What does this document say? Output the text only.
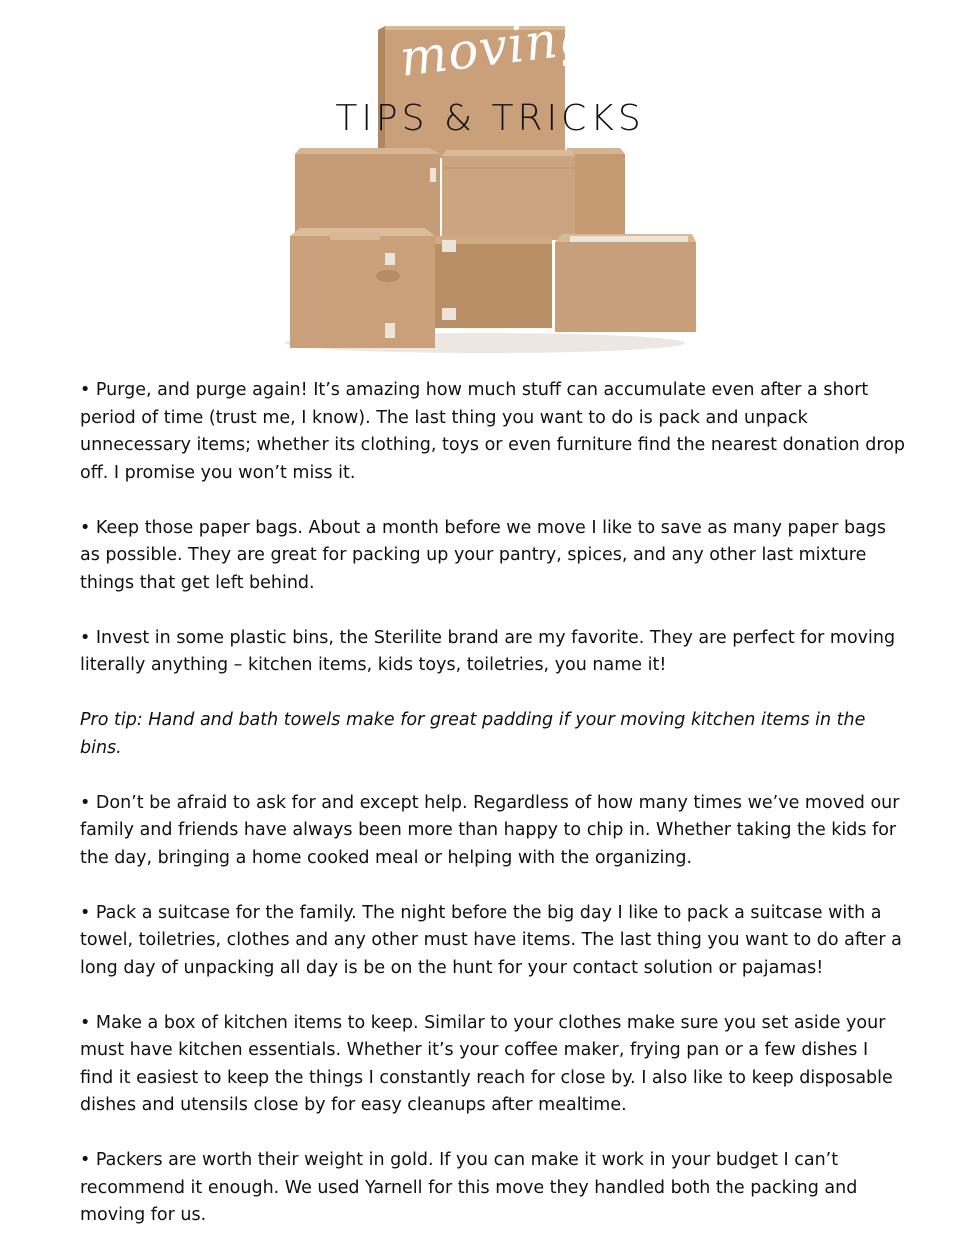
moving
TIPS & TRICKS

• Purge, and purge again! It’s amazing how much stuff can accumulate even after a short period of time (trust me, I know). The last thing you want to do is pack and unpack unnecessary items; whether its clothing, toys or even furniture find the nearest donation drop off. I promise you won’t miss it.

• Keep those paper bags. About a month before we move I like to save as many paper bags as possible. They are great for packing up your pantry, spices, and any other last mixture things that get left behind.

• Invest in some plastic bins, the Sterilite brand are my favorite. They are perfect for moving literally anything – kitchen items, kids toys, toiletries, you name it!

Pro tip: Hand and bath towels make for great padding if your moving kitchen items in the bins.

• Don’t be afraid to ask for and except help. Regardless of how many times we’ve moved our family and friends have always been more than happy to chip in. Whether taking the kids for the day, bringing a home cooked meal or helping with the organizing.

• Pack a suitcase for the family. The night before the big day I like to pack a suitcase with a towel, toiletries, clothes and any other must have items. The last thing you want to do after a long day of unpacking all day is be on the hunt for your contact solution or pajamas!

• Make a box of kitchen items to keep. Similar to your clothes make sure you set aside your must have kitchen essentials. Whether it’s your coffee maker, frying pan or a few dishes I find it easiest to keep the things I constantly reach for close by. I also like to keep disposable dishes and utensils close by for easy cleanups after mealtime.

• Packers are worth their weight in gold. If you can make it work in your budget I can’t recommend it enough. We used Yarnell for this move they handled both the packing and moving for us.
